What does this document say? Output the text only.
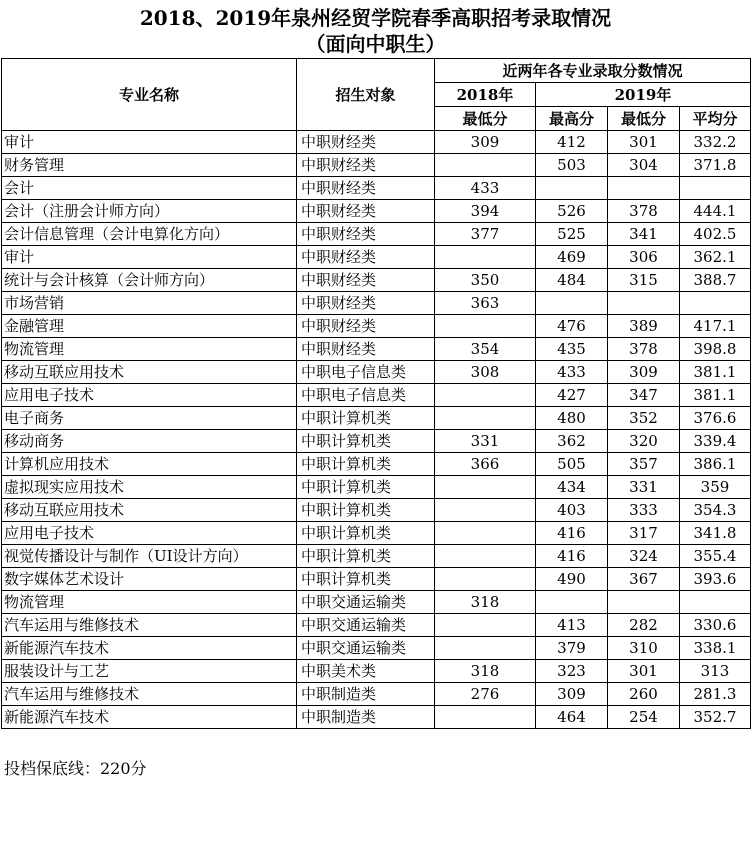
2018、2019年泉州经贸学院春季高职招考录取情况
（面向中职生）
专业名称	招生对象	近两年各专业录取分数情况			
		2018年	2019年		
		最低分	最高分	最低分	平均分
审计	中职财经类	309	412	301	332.2
财务管理	中职财经类		503	304	371.8
会计	中职财经类	433			
会计（注册会计师方向）	中职财经类	394	526	378	444.1
会计信息管理（会计电算化方向）	中职财经类	377	525	341	402.5
审计	中职财经类		469	306	362.1
统计与会计核算（会计师方向）	中职财经类	350	484	315	388.7
市场营销	中职财经类	363			
金融管理	中职财经类		476	389	417.1
物流管理	中职财经类	354	435	378	398.8
移动互联应用技术	中职电子信息类	308	433	309	381.1
应用电子技术	中职电子信息类		427	347	381.1
电子商务	中职计算机类		480	352	376.6
移动商务	中职计算机类	331	362	320	339.4
计算机应用技术	中职计算机类	366	505	357	386.1
虚拟现实应用技术	中职计算机类		434	331	359
移动互联应用技术	中职计算机类		403	333	354.3
应用电子技术	中职计算机类		416	317	341.8
视觉传播设计与制作（UI设计方向）	中职计算机类		416	324	355.4
数字媒体艺术设计	中职计算机类		490	367	393.6
物流管理	中职交通运输类	318			
汽车运用与维修技术	中职交通运输类		413	282	330.6
新能源汽车技术	中职交通运输类		379	310	338.1
服装设计与工艺	中职美术类	318	323	301	313
汽车运用与维修技术	中职制造类	276	309	260	281.3
新能源汽车技术	中职制造类		464	254	352.7
投档保底线：220分
